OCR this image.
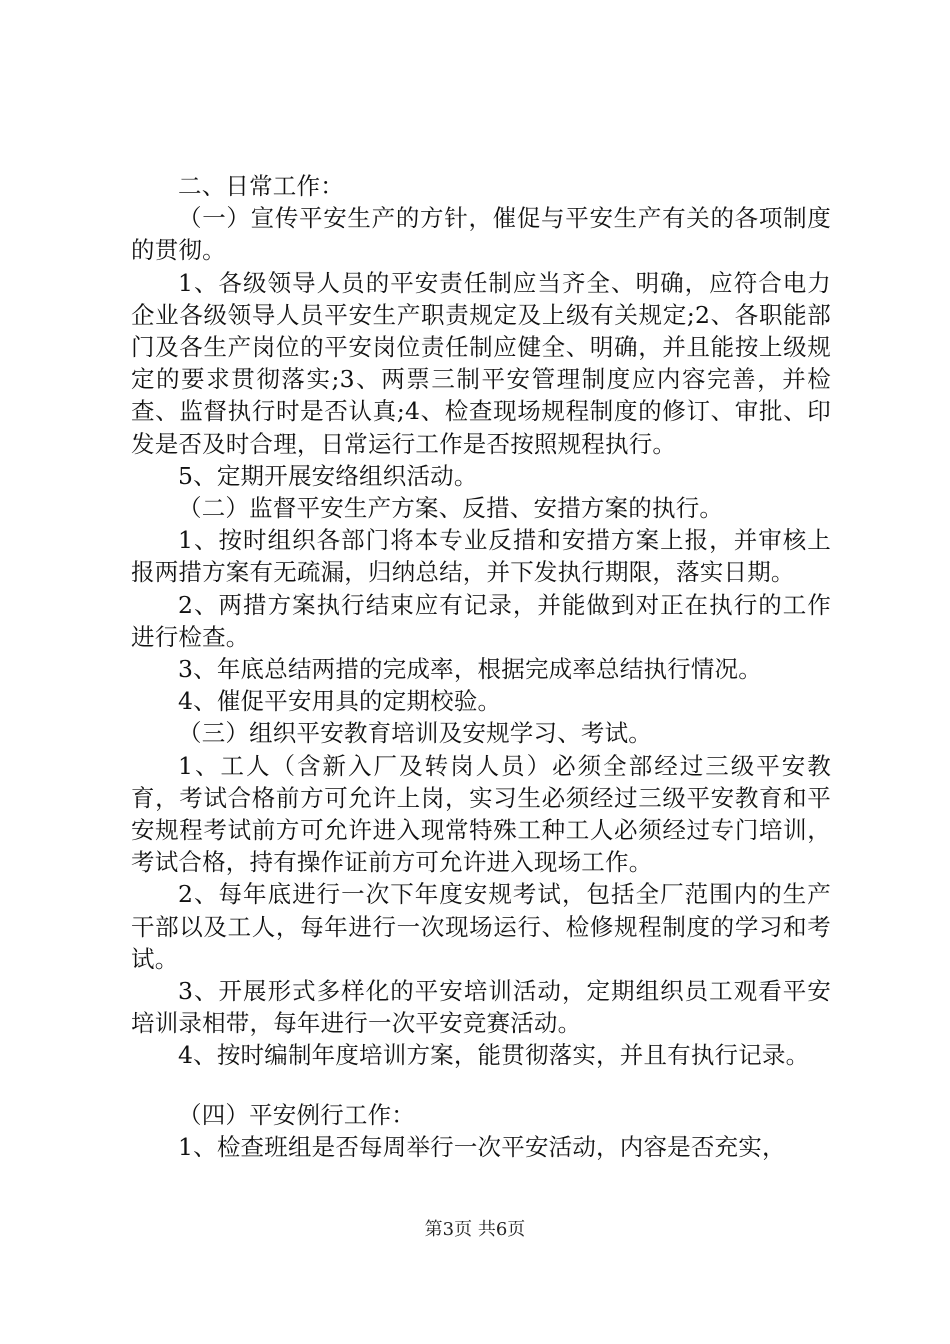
二、日常工作：

（一）宣传平安生产的方针，催促与平安生产有关的各项制度的贯彻。

1、各级领导人员的平安责任制应当齐全、明确，应符合电力企业各级领导人员平安生产职责规定及上级有关规定;2、各职能部门及各生产岗位的平安岗位责任制应健全、明确，并且能按上级规定的要求贯彻落实;3、两票三制平安管理制度应内容完善，并检查、监督执行时是否认真;4、检查现场规程制度的修订、审批、印发是否及时合理，日常运行工作是否按照规程执行。

5、定期开展安络组织活动。

（二）监督平安生产方案、反措、安措方案的执行。

1、按时组织各部门将本专业反措和安措方案上报，并审核上报两措方案有无疏漏，归纳总结，并下发执行期限，落实日期。

2、两措方案执行结束应有记录，并能做到对正在执行的工作进行检查。

3、年底总结两措的完成率，根据完成率总结执行情况。

4、催促平安用具的定期校验。

（三）组织平安教育培训及安规学习、考试。

1、工人（含新入厂及转岗人员）必须全部经过三级平安教育，考试合格前方可允许上岗，实习生必须经过三级平安教育和平安规程考试前方可允许进入现常特殊工种工人必须经过专门培训，考试合格，持有操作证前方可允许进入现场工作。

2、每年底进行一次下年度安规考试，包括全厂范围内的生产干部以及工人，每年进行一次现场运行、检修规程制度的学习和考试。

3、开展形式多样化的平安培训活动，定期组织员工观看平安培训录相带，每年进行一次平安竞赛活动。

4、按时编制年度培训方案，能贯彻落实，并且有执行记录。

（四）平安例行工作：

1、检查班组是否每周举行一次平安活动，内容是否充实，

第3页 共6页
